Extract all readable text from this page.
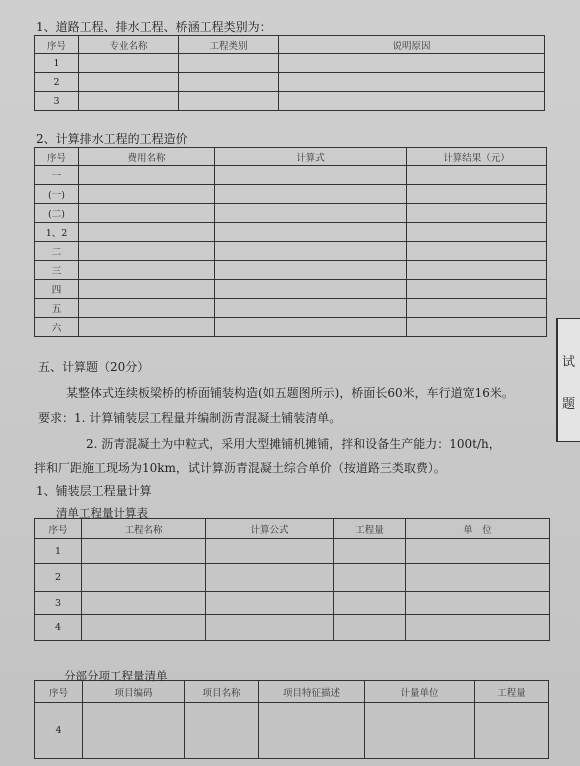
1、道路工程、排水工程、桥涵工程类别为：
序号	专业名称	工程类别	说明原因
1			
2			
3			
2、计算排水工程的工程造价
序号	费用名称	计算式	计算结果（元）
一			
(一)			
(二)			
1、2			
二			
三			
四			
五			
六			
五、计算题（20分）
某整体式连续板梁桥的桥面铺装构造(如五题图所示)，桥面长60米，车行道宽16米。
要求：1. 计算铺装层工程量并编制沥青混凝土铺装清单。
2. 沥青混凝土为中粒式，采用大型摊铺机摊铺，拌和设备生产能力：100t/h，
拌和厂距施工现场为10km，试计算沥青混凝土综合单价（按道路三类取费）。
1、铺装层工程量计算
清单工程量计算表
序号	工程名称	计算公式	工程量	单　位
1				
2				
3				
4				
分部分项工程量清单
序号	项目编码	项目名称	项目特征描述	计量单位	工程量
4					
试
题
